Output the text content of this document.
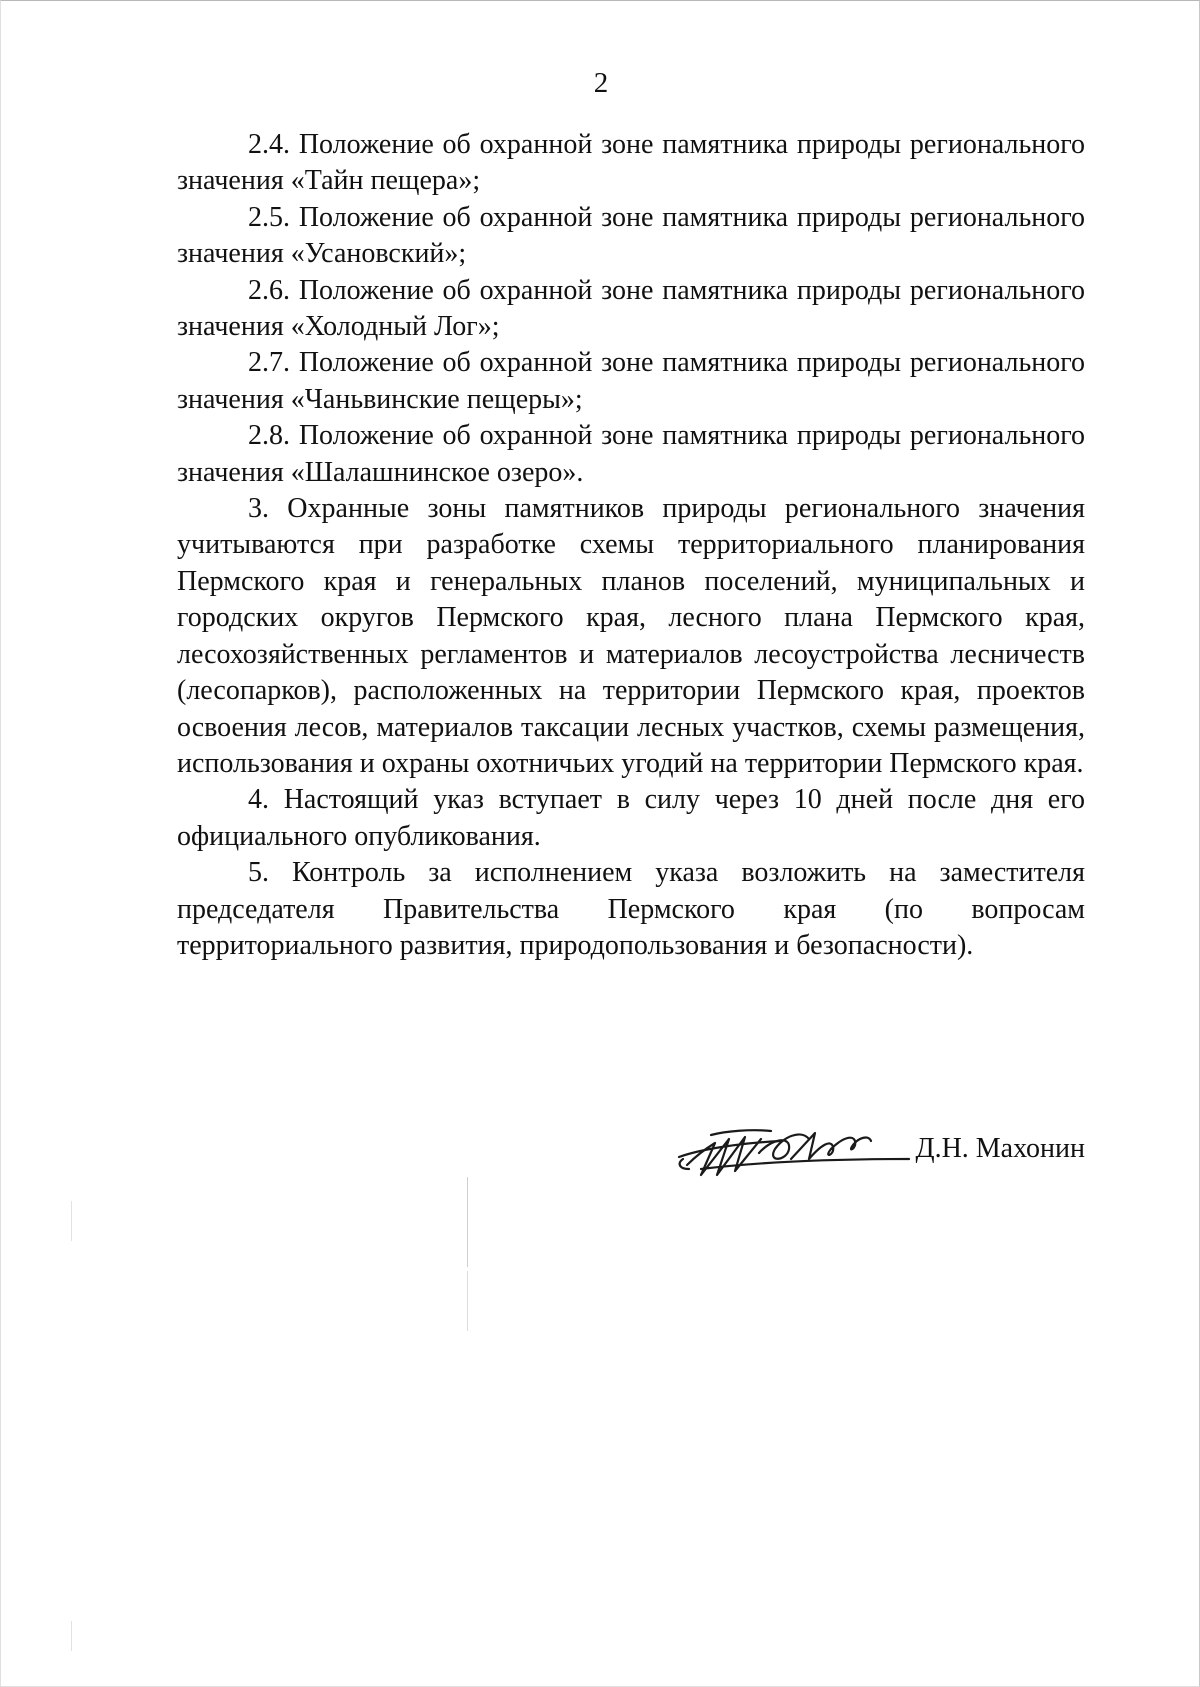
2

2.4. Положение об охранной зоне памятника природы регионального значения «Тайн пещера»;

2.5. Положение об охранной зоне памятника природы регионального значения «Усановский»;

2.6. Положение об охранной зоне памятника природы регионального значения «Холодный Лог»;

2.7. Положение об охранной зоне памятника природы регионального значения «Чаньвинские пещеры»;

2.8. Положение об охранной зоне памятника природы регионального значения «Шалашнинское озеро».

3. Охранные зоны памятников природы регионального значения учитываются при разработке схемы территориального планирования Пермского края и генеральных планов поселений, муниципальных и городских округов Пермского края, лесного плана Пермского края, лесохозяйственных регламентов и материалов лесоустройства лесничеств (лесопарков), расположенных на территории Пермского края, проектов освоения лесов, материалов таксации лесных участков, схемы размещения, использования и охраны охотничьих угодий на территории Пермского края.

4. Настоящий указ вступает в силу через 10 дней после дня его официального опубликования.

5. Контроль за исполнением указа возложить на заместителя председателя Правительства Пермского края (по вопросам территориального развития, природопользования и безопасности).

Д.Н. Махонин
